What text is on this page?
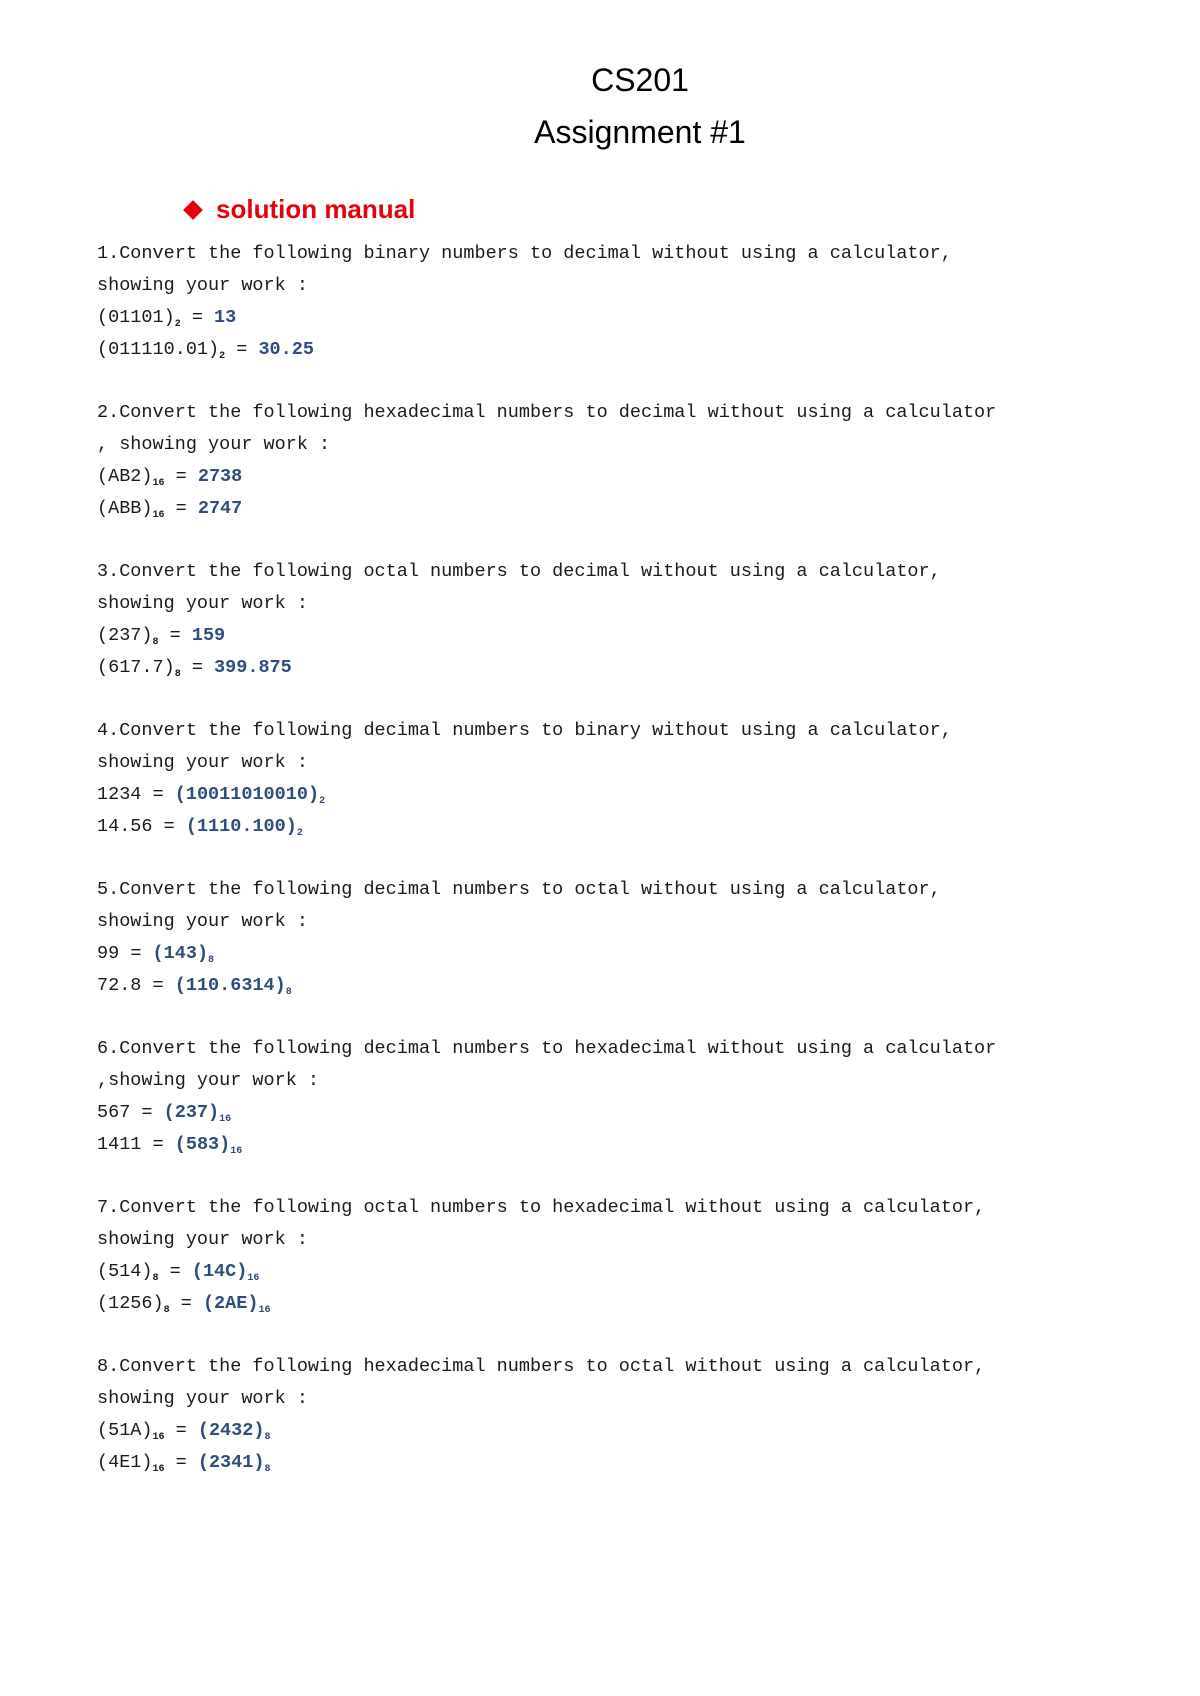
CS201
Assignment #1
solution manual
1.Convert the following binary numbers to decimal without using a calculator,
showing your work :
$(01101)_2 = 13$
$(011110.01)_2 = 30.25$
2.Convert the following hexadecimal numbers to decimal without using a calculator
, showing your work :
$(AB2)_{16} = 2738$
$(ABB)_{16} = 2747$
3.Convert the following octal numbers to decimal without using a calculator,
showing your work :
$(237)_8 = 159$
$(617.7)_8 = 399.875$
4.Convert the following decimal numbers to binary without using a calculator,
showing your work :
$1234 = (10011010010)_2$
$14.56 = (1110.100)_2$
5.Convert the following decimal numbers to octal without using a calculator,
showing your work :
$99 = (143)_8$
$72.8 = (110.6314)_8$
6.Convert the following decimal numbers to hexadecimal without using a calculator
,showing your work :
$567 = (237)_{16}$
$1411 = (583)_{16}$
7.Convert the following octal numbers to hexadecimal without using a calculator,
showing your work :
$(514)_8 = (14C)_{16}$
$(1256)_8 = (2AE)_{16}$
8.Convert the following hexadecimal numbers to octal without using a calculator,
showing your work :
$(51A)_{16} = (2432)_8$
$(4E1)_{16} = (2341)_8$
